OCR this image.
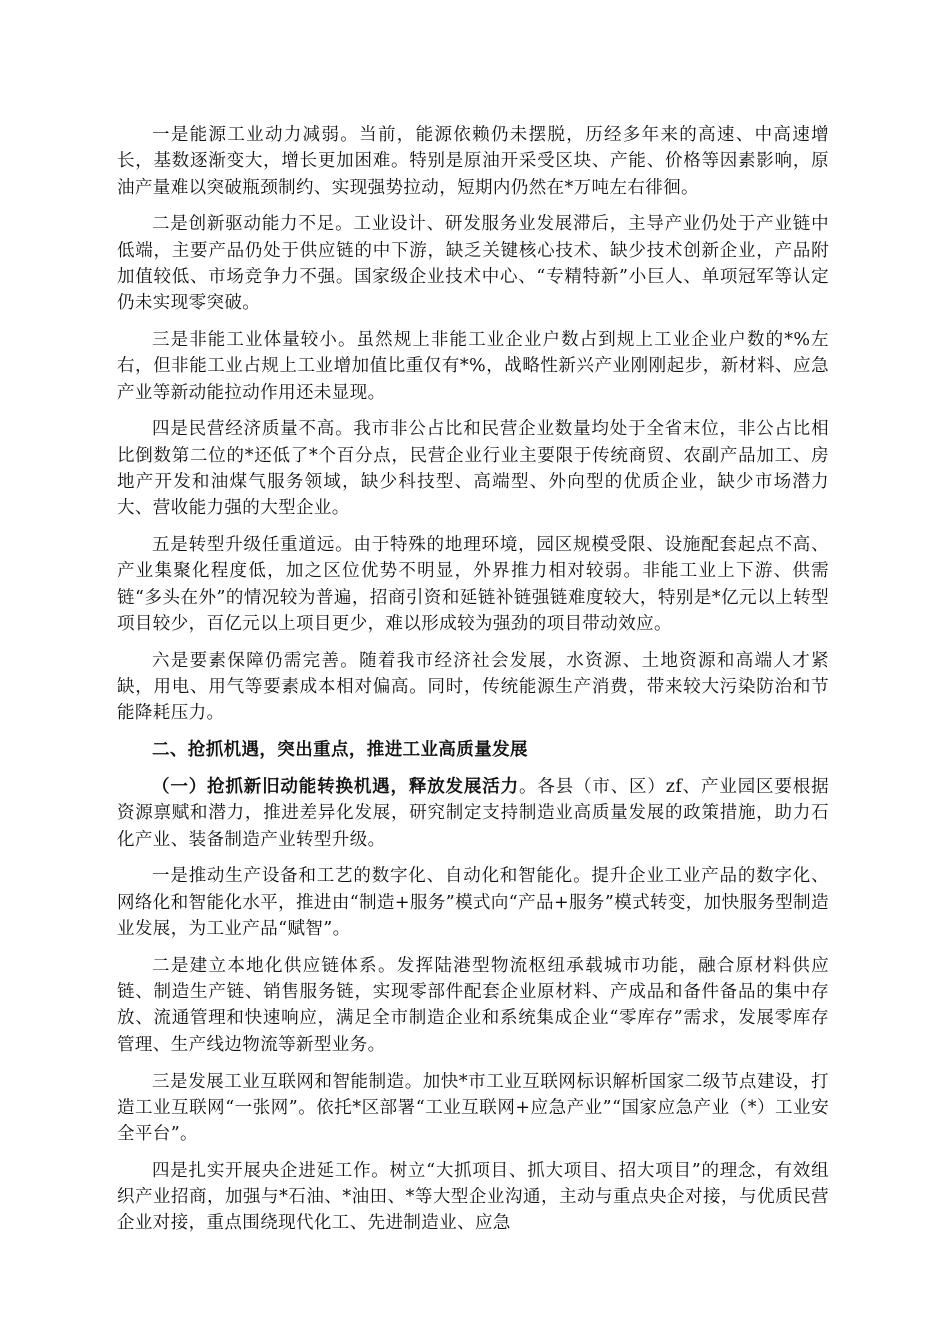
一是能源工业动力减弱。当前，能源依赖仍未摆脱，历经多年来的高速、中高速增长，基数逐渐变大，增长更加困难。特别是原油开采受区块、产能、价格等因素影响，原油产量难以突破瓶颈制约、实现强势拉动，短期内仍然在*万吨左右徘徊。

二是创新驱动能力不足。工业设计、研发服务业发展滞后，主导产业仍处于产业链中低端，主要产品仍处于供应链的中下游，缺乏关键核心技术、缺少技术创新企业，产品附加值较低、市场竞争力不强。国家级企业技术中心、“专精特新”小巨人、单项冠军等认定仍未实现零突破。

三是非能工业体量较小。虽然规上非能工业企业户数占到规上工业企业户数的*%左右，但非能工业占规上工业增加值比重仅有*%，战略性新兴产业刚刚起步，新材料、应急产业等新动能拉动作用还未显现。

四是民营经济质量不高。我市非公占比和民营企业数量均处于全省末位，非公占比相比倒数第二位的*还低了*个百分点，民营企业行业主要限于传统商贸、农副产品加工、房地产开发和油煤气服务领域，缺少科技型、高端型、外向型的优质企业，缺少市场潜力大、营收能力强的大型企业。

五是转型升级任重道远。由于特殊的地理环境，园区规模受限、设施配套起点不高、产业集聚化程度低，加之区位优势不明显，外界推力相对较弱。非能工业上下游、供需链“多头在外”的情况较为普遍，招商引资和延链补链强链难度较大，特别是*亿元以上转型项目较少，百亿元以上项目更少，难以形成较为强劲的项目带动效应。

六是要素保障仍需完善。随着我市经济社会发展，水资源、土地资源和高端人才紧缺，用电、用气等要素成本相对偏高。同时，传统能源生产消费，带来较大污染防治和节能降耗压力。

二、抢抓机遇，突出重点，推进工业高质量发展

（一）抢抓新旧动能转换机遇，释放发展活力。各县（市、区）zf、产业园区要根据资源禀赋和潜力，推进差异化发展，研究制定支持制造业高质量发展的政策措施，助力石化产业、装备制造产业转型升级。

一是推动生产设备和工艺的数字化、自动化和智能化。提升企业工业产品的数字化、网络化和智能化水平，推进由“制造+服务”模式向“产品+服务”模式转变，加快服务型制造业发展，为工业产品“赋智”。

二是建立本地化供应链体系。发挥陆港型物流枢纽承载城市功能，融合原材料供应链、制造生产链、销售服务链，实现零部件配套企业原材料、产成品和备件备品的集中存放、流通管理和快速响应，满足全市制造企业和系统集成企业“零库存”需求，发展零库存管理、生产线边物流等新型业务。

三是发展工业互联网和智能制造。加快*市工业互联网标识解析国家二级节点建设，打造工业互联网“一张网”。依托*区部署“工业互联网+应急产业”“国家应急产业（*）工业安全平台”。

四是扎实开展央企进延工作。树立“大抓项目、抓大项目、招大项目”的理念，有效组织产业招商，加强与*石油、*油田、*等大型企业沟通，主动与重点央企对接，与优质民营企业对接，重点围绕现代化工、先进制造业、应急
